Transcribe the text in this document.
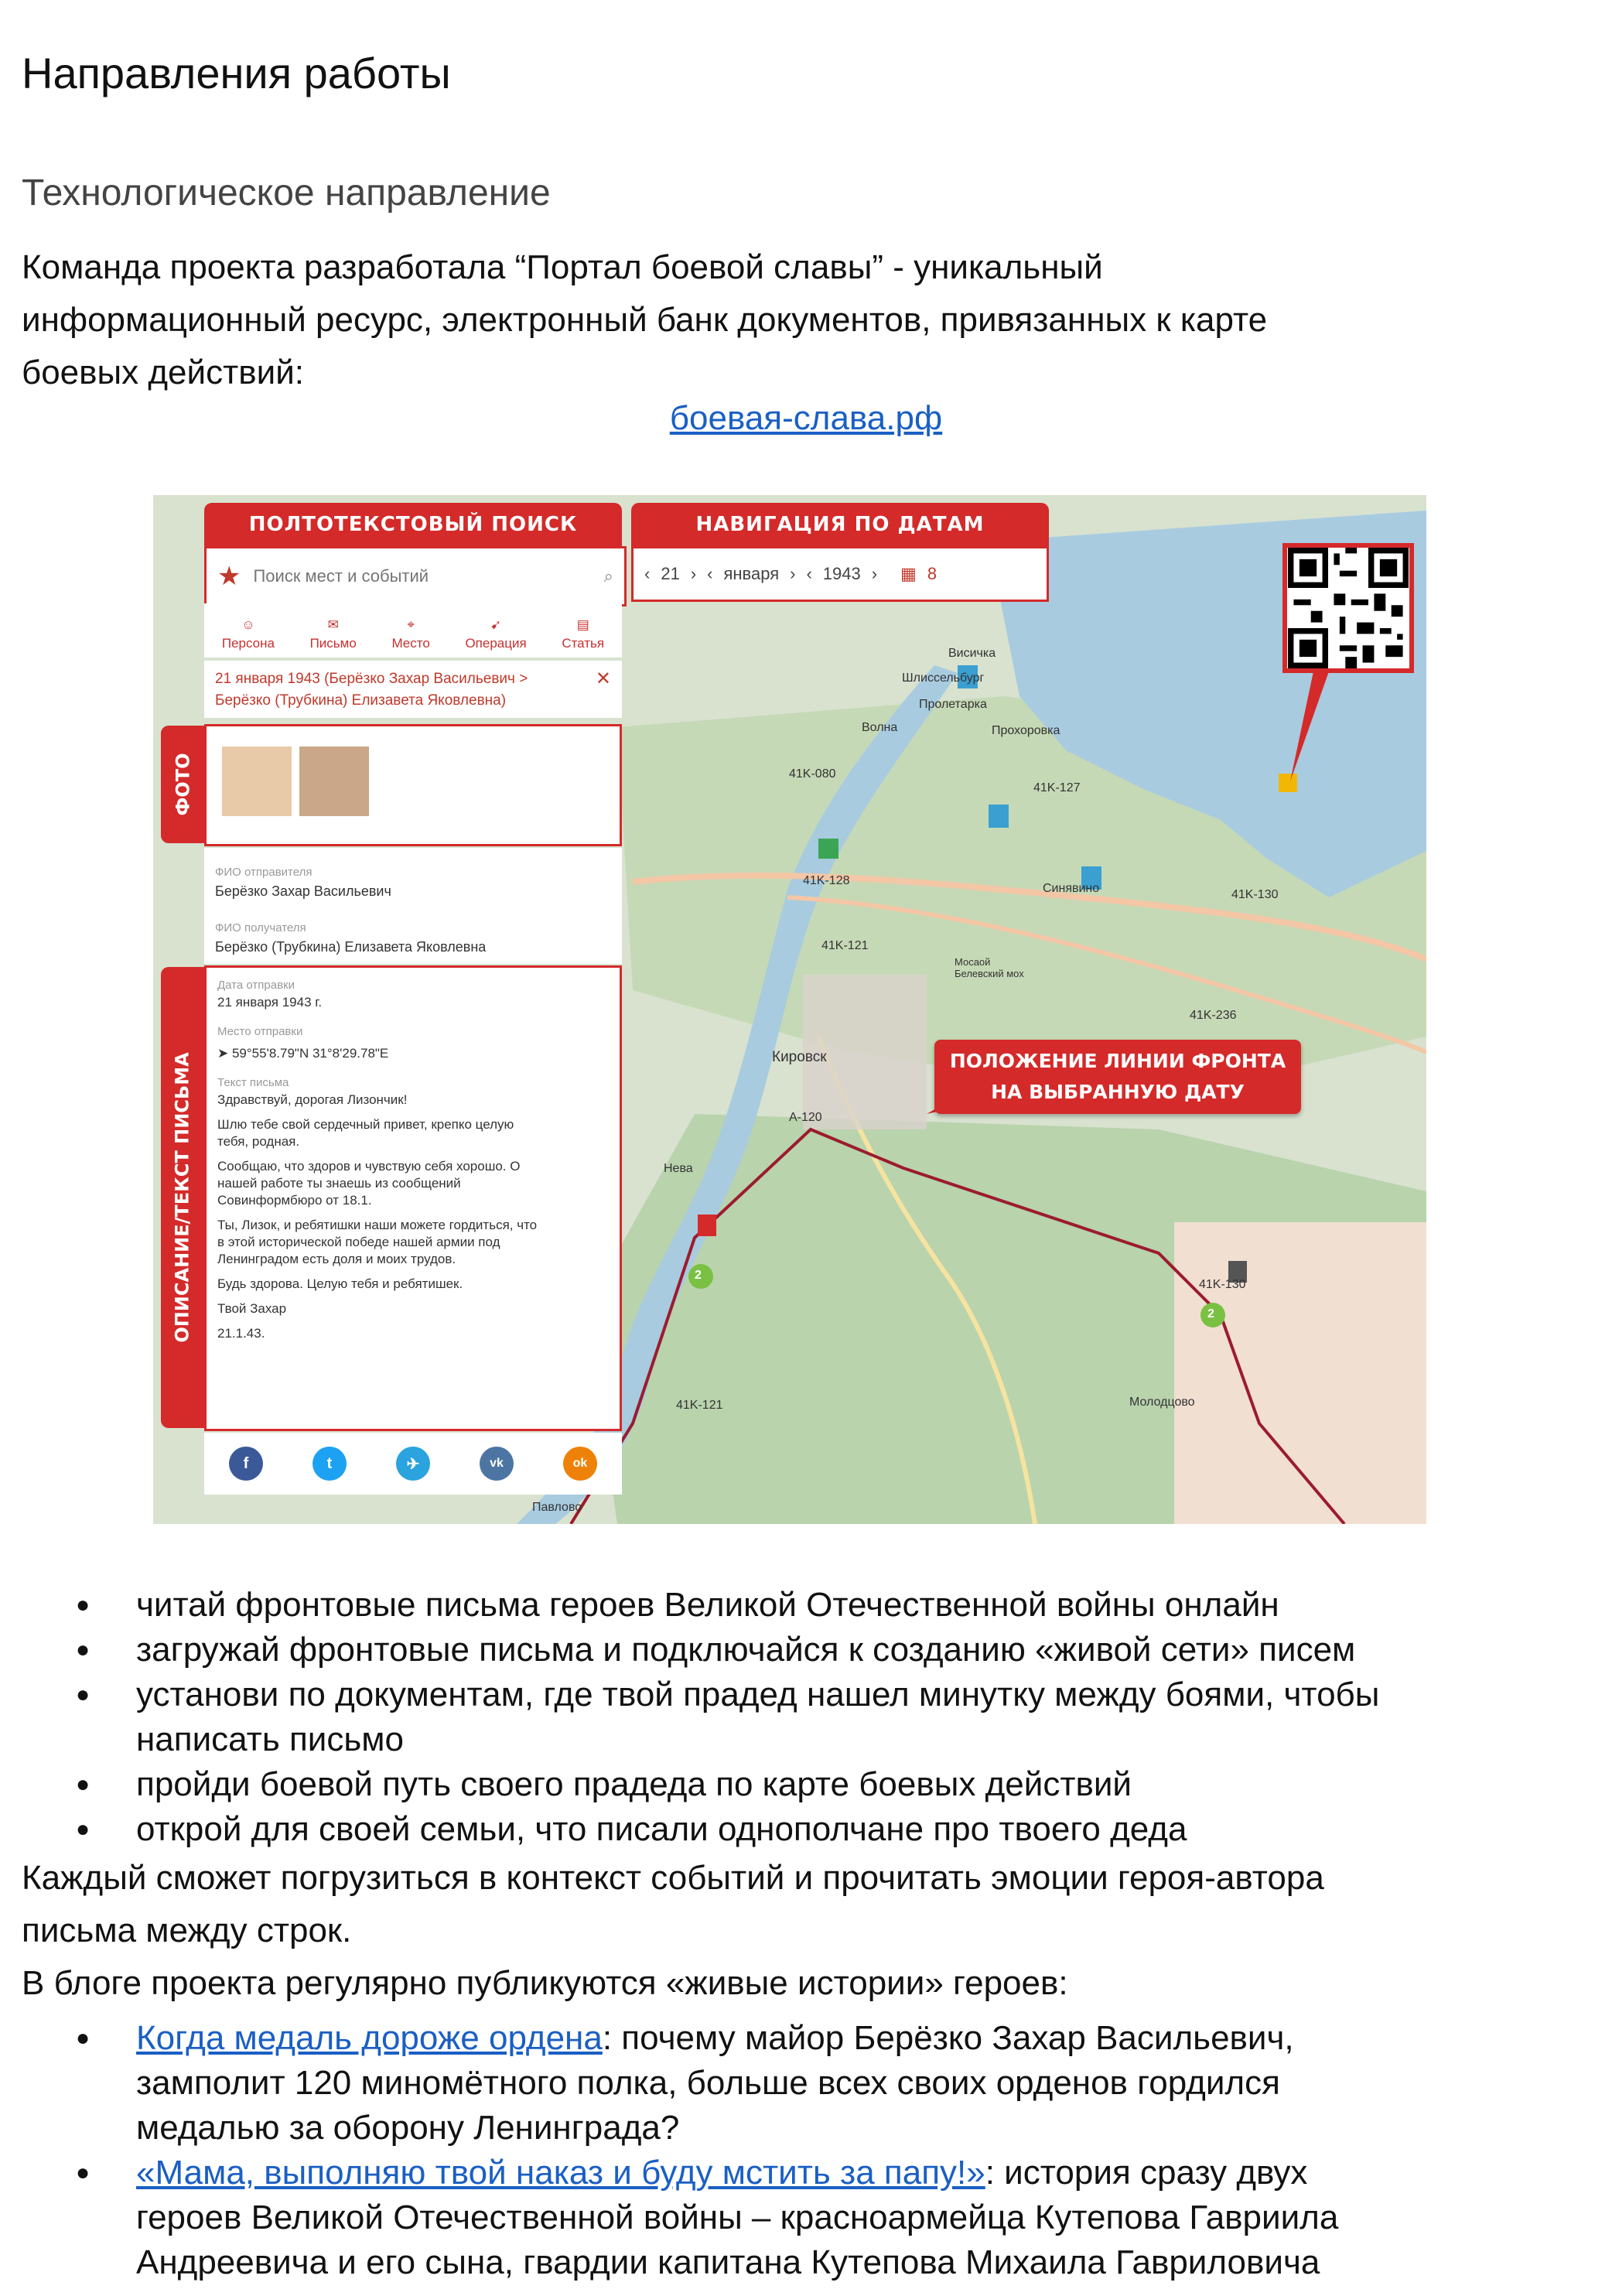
Направления работы
Технологическое направление

Команда проекта разработала “Портал боевой славы” - уникальный
информационный ресурс, электронный банк документов, привязанных к карте
боевых действий:

боевая-слава.рф
Висичка
Шлиссельбург
Пролетарка
Прохоровка
Волна
41K-080
41K-127
41K-128
41K-130
Синявино
41K-121
41K-236
Мосаой Белевский мох
Кировск
А-120
Нева
41K-130
41K-121	Молодцово
Павлово
2
2
ПОЛТОТЕКСТОВЫЙ ПОИСК	НАВИГАЦИЯ ПО ДАТАМ
★
Поиск мест и событий	⌕ ‹ 21 › ‹ января › ‹ 1943 › ▦ 8
☺
Персона
✉
Письмо
⌖
Место
➹
Операция
▤
Статья
21 января 1943 (Берёзко Захар Васильевич >
Берёзко (Трубкина) Елизавета Яковлевна)
✕
ФОТО
ФИО отправителя
Берёзко Захар Васильевич
ФИО получателя
Берёзко (Трубкина) Елизавета Яковлевна
ОПИСАНИЕ/ТЕКСТ ПИСЬМА
Дата отправки
21 января 1943 г.
Место отправки
➤ 59°55'8.79"N 31°8'29.78"E
Текст письма
Здравствуй, дорогая Лизончик!
Шлю тебе свой сердечный привет, крепко целую
тебя, родная.
Сообщаю, что здоров и чувствую себя хорошо. О
нашей работе ты знаешь из сообщений
Совинформбюро от 18.1.
Ты, Лизок, и ребятишки наши можете гордиться, что
в этой исторической победе нашей армии под
Ленинградом есть доля и моих трудов.
Будь здорова. Целую тебя и ребятишек.
Твой Захар
21.1.43.
f	t	✈	vk	ok
ПОЛОЖЕНИЕ ЛИНИИ ФРОНТА
НА ВЫБРАННУЮ ДАТУ
● читай фронтовые письма героев Великой Отечественной войны онлайн
● загружай фронтовые письма и подключайся к созданию «живой сети» писем
● установи по документам, где твой прадед нашел минутку между боями, чтобы
написать письмо
● пройди боевой путь своего прадеда по карте боевых действий
● открой для своей семьи, что писали однополчане про твоего деда

Каждый сможет погрузиться в контекст событий и прочитать эмоции героя-автора
письма между строк.

В блоге проекта регулярно публикуются «живые истории» героев:

● Когда медаль дороже ордена: почему майор Берёзко Захар Васильевич,
замполит 120 миномётного полка, больше всех своих орденов гордился
медалью за оборону Ленинграда?
● «Мама, выполняю твой наказ и буду мстить за папу!»: история сразу двух
героев Великой Отечественной войны – красноармейца Кутепова Гавриила
Андреевича и его сына, гвардии капитана Кутепова Михаила Гавриловича
